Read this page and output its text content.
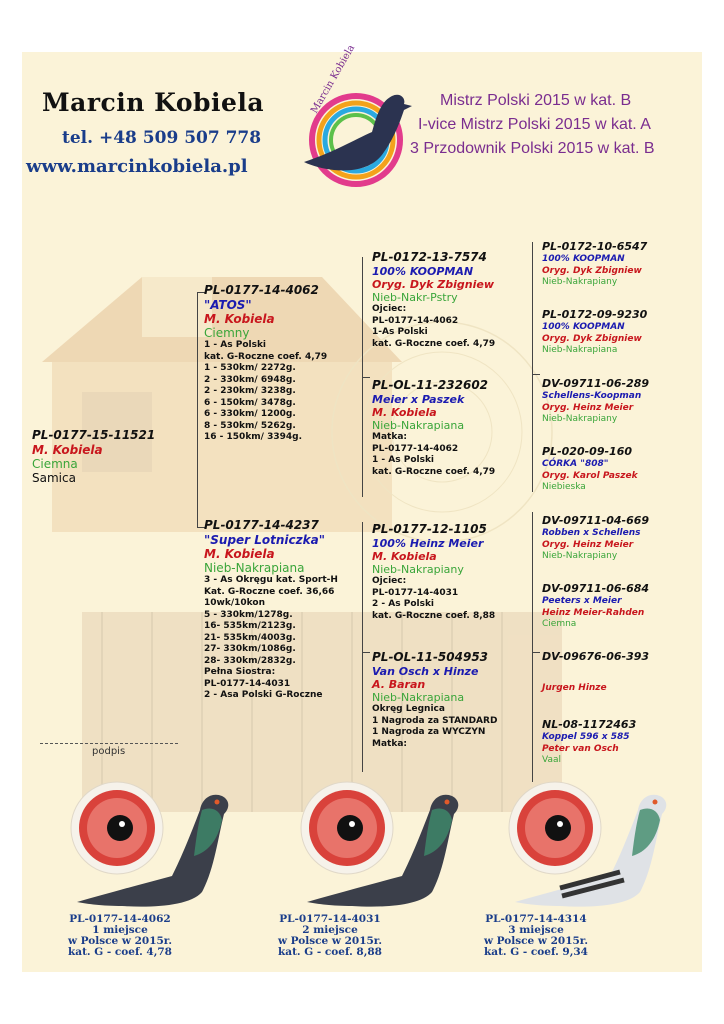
Marcin Kobiela
tel. +48 509 507 778
www.marcinkobiela.pl
Marcin Kobiela	Mistrz Polski 2015 w kat. B
I-vice Mistrz Polski 2015 w kat. A
3 Przodownik Polski 2015 w kat. B
PL-0177-15-11521
M. Kobiela
Ciemna
Samica
PL-0177-14-4062
"ATOS"
M. Kobiela
Ciemny
1 - As Polski
kat. G-Roczne coef. 4,79
1 - 530km/ 2272g.
2 - 330km/ 6948g.
2 - 230km/ 3238g.
6 - 150km/ 3478g.
6 - 330km/ 1200g.
8 - 530km/ 5262g.
16 - 150km/ 3394g.
PL-0177-14-4237
"Super Lotniczka"
M. Kobiela
Nieb-Nakrapiana
3 - As Okręgu kat. Sport-H
Kat. G-Roczne coef. 36,66
10wk/10kon
5 - 330km/1278g.
16- 535km/2123g.
21- 535km/4003g.
27- 330km/1086g.
28- 330km/2832g.
Pełna Siostra:
PL-0177-14-4031
2 - Asa Polski G-Roczne
PL-0172-13-7574
100% KOOPMAN
Oryg. Dyk Zbigniew
Nieb-Nakr-Pstry
Ojciec:
PL-0177-14-4062
1-As Polski
kat. G-Roczne coef. 4,79
PL-OL-11-232602
Meier x Paszek
M. Kobiela
Nieb-Nakrapiana
Matka:
PL-0177-14-4062
1 - As Polski
kat. G-Roczne coef. 4,79
PL-0177-12-1105
100% Heinz Meier
M. Kobiela
Nieb-Nakrapiany
Ojciec:
PL-0177-14-4031
2 - As Polski
kat. G-Roczne coef. 8,88
PL-OL-11-504953
Van Osch x Hinze
A. Baran
Nieb-Nakrapiana
Okręg Legnica
1 Nagroda za STANDARD
1 Nagroda za WYCZYN
Matka:
PL-0172-10-6547
100% KOOPMAN
Oryg. Dyk Zbigniew
Nieb-Nakrapiany
PL-0172-09-9230
100% KOOPMAN
Oryg. Dyk Zbigniew
Nieb-Nakrapiana
DV-09711-06-289
Schellens-Koopman
Oryg. Heinz Meier
Nieb-Nakrapiany
PL-020-09-160
CÓRKA "808"
Oryg. Karol Paszek
Niebieska
DV-09711-04-669
Robben x Schellens
Oryg. Heinz Meier
Nieb-Nakrapiany
DV-09711-06-684
Peeters x Meier
Heinz Meier-Rahden
Ciemna
DV-09676-06-393
Jurgen Hinze
NL-08-1172463
Koppel 596 x 585
Peter van Osch
Vaal
podpis
PL-0177-14-4062
1 miejsce
w Polsce w 2015r.
kat. G - coef. 4,78
PL-0177-14-4031
2 miejsce
w Polsce w 2015r.
kat. G - coef. 8,88
PL-0177-14-4314
3 miejsce
w Polsce w 2015r.
kat. G - coef. 9,34
